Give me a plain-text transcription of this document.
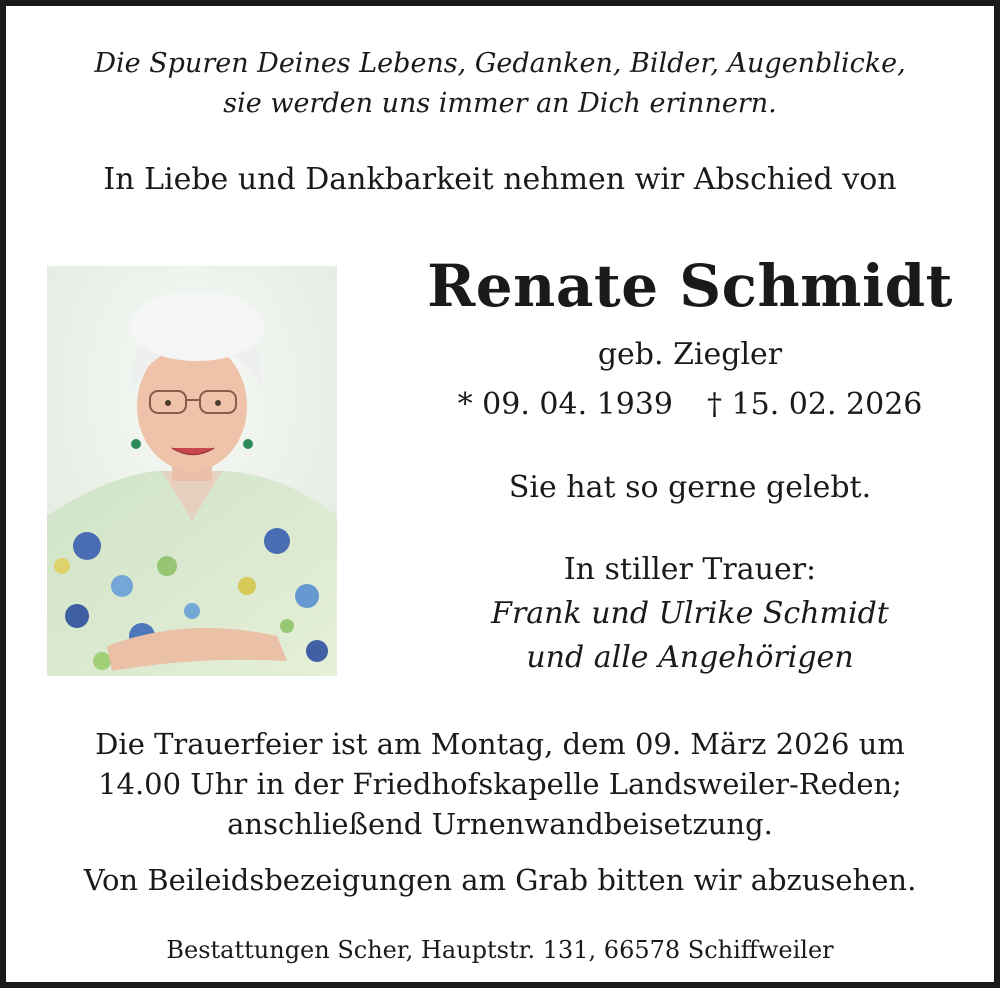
Die Spuren Deines Lebens, Gedanken, Bilder, Augenblicke,
sie werden uns immer an Dich erinnern.
In Liebe und Dankbarkeit nehmen wir Abschied von
Renate Schmidt
geb. Ziegler
* 09. 04. 1939 † 15. 02. 2026
Sie hat so gerne gelebt.
In stiller Trauer:
Frank und Ulrike Schmidt
und alle Angehörigen
Die Trauerfeier ist am Montag, dem 09. März 2026 um
14.00 Uhr in der Friedhofskapelle Landsweiler-Reden;
anschließend Urnenwandbeisetzung.
Von Beileidsbezeigungen am Grab bitten wir abzusehen.
Bestattungen Scher, Hauptstr. 131, 66578 Schiffweiler
